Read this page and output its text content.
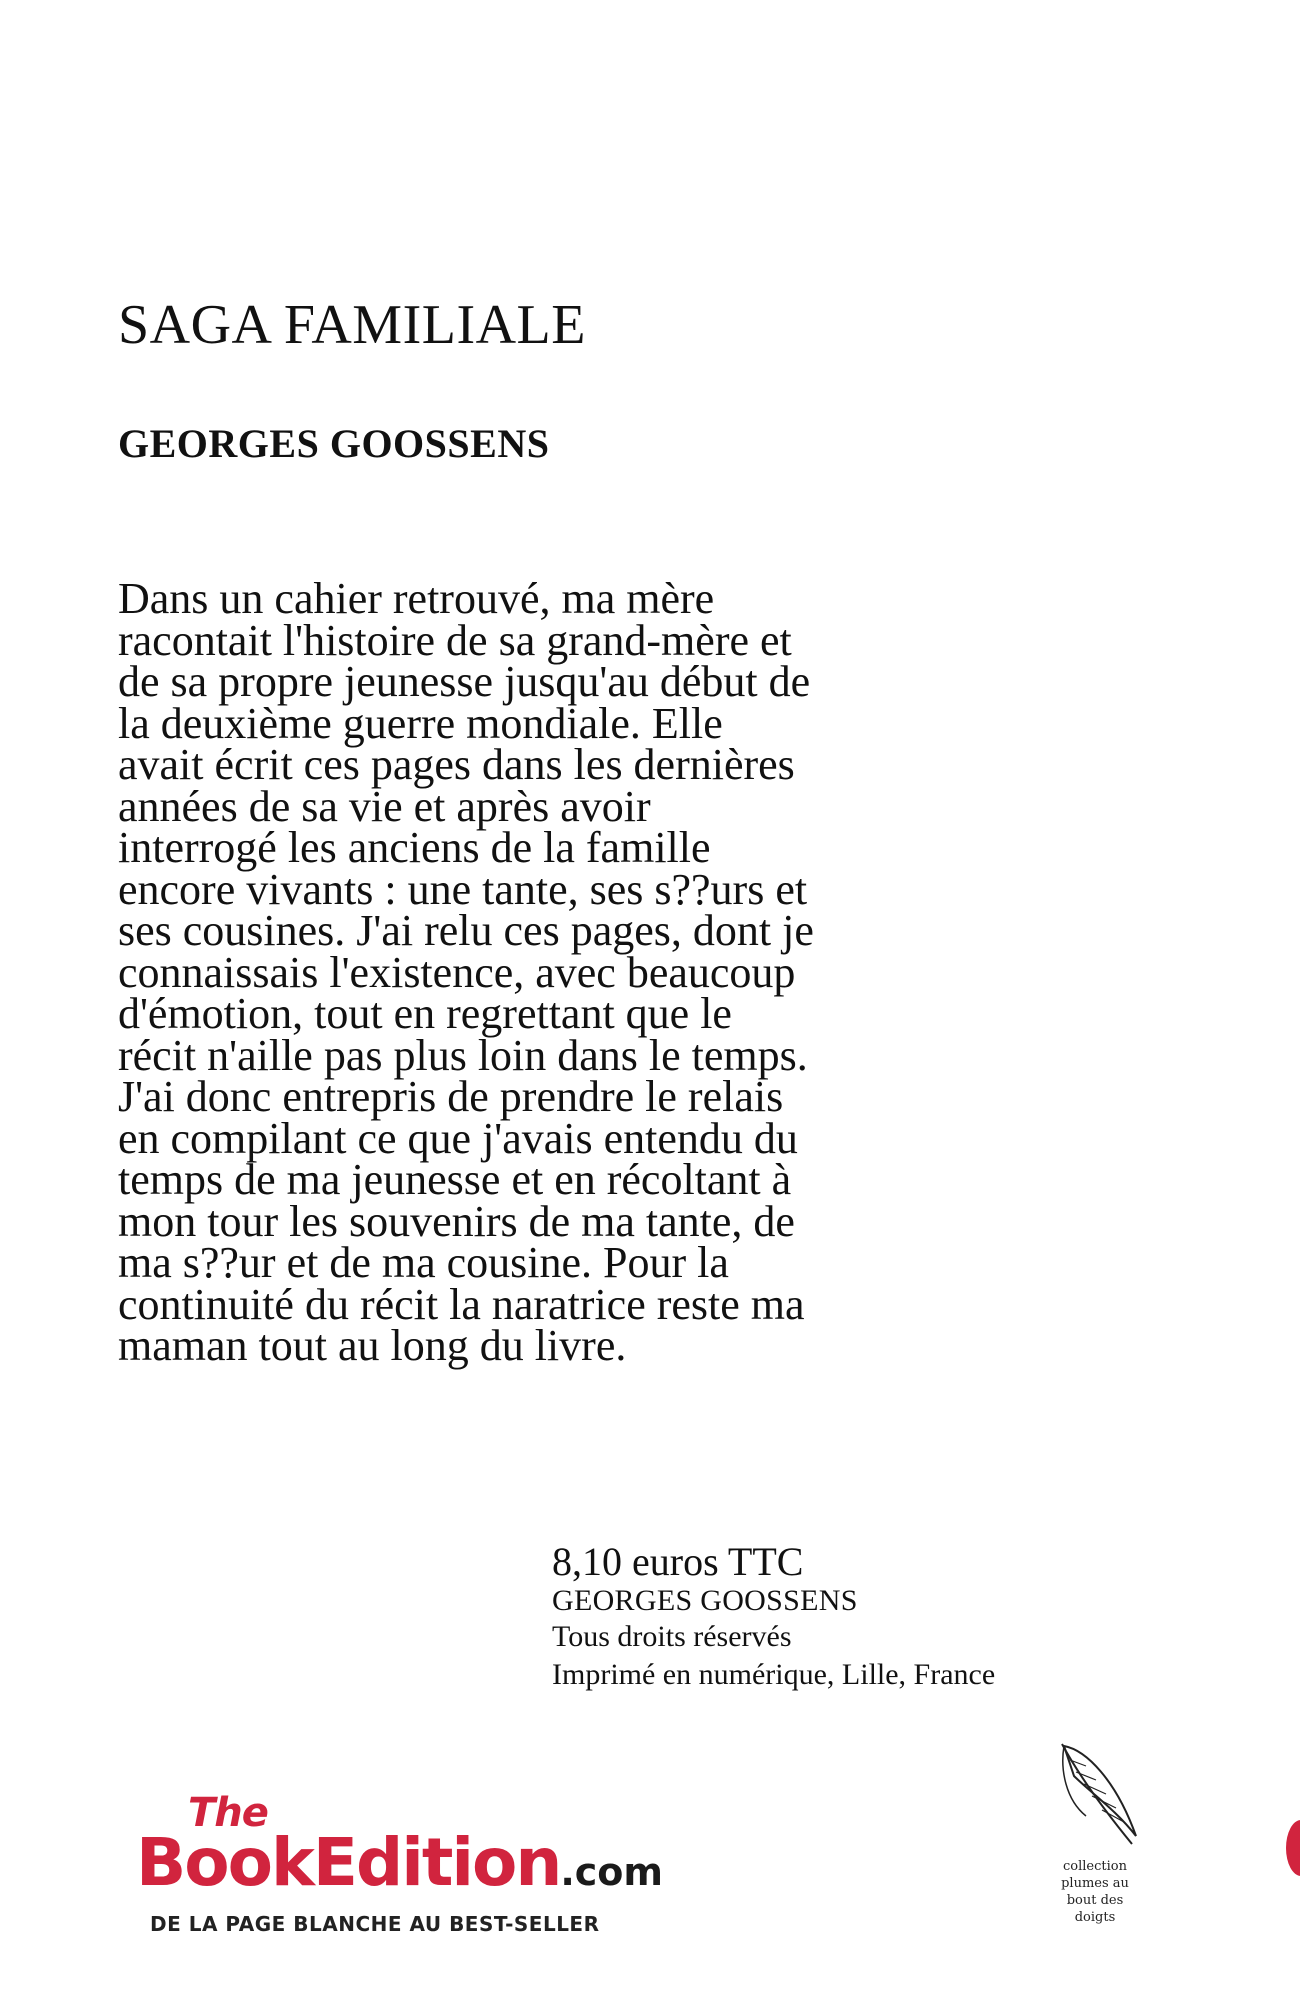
SAGA FAMILIALE
GEORGES GOOSSENS

Dans un cahier retrouvé, ma mère
racontait l'histoire de sa grand-mère et
de sa propre jeunesse jusqu'au début de
la deuxième guerre mondiale. Elle
avait écrit ces pages dans les dernières
années de sa vie et après avoir
interrogé les anciens de la famille
encore vivants : une tante, ses s??urs et
ses cousines. J'ai relu ces pages, dont je
connaissais l'existence, avec beaucoup
d'émotion, tout en regrettant que le
récit n'aille pas plus loin dans le temps.
J'ai donc entrepris de prendre le relais
en compilant ce que j'avais entendu du
temps de ma jeunesse et en récoltant à
mon tour les souvenirs de ma tante, de
ma s??ur et de ma cousine. Pour la
continuité du récit la naratrice reste ma
maman tout au long du livre.

8,10 euros TTC
GEORGES GOOSSENS
Tous droits réservés
Imprimé en numérique, Lille, France
The
BookEdition.com
DE LA PAGE BLANCHE AU BEST-SELLER
collection
plumes au
bout des
doigts
